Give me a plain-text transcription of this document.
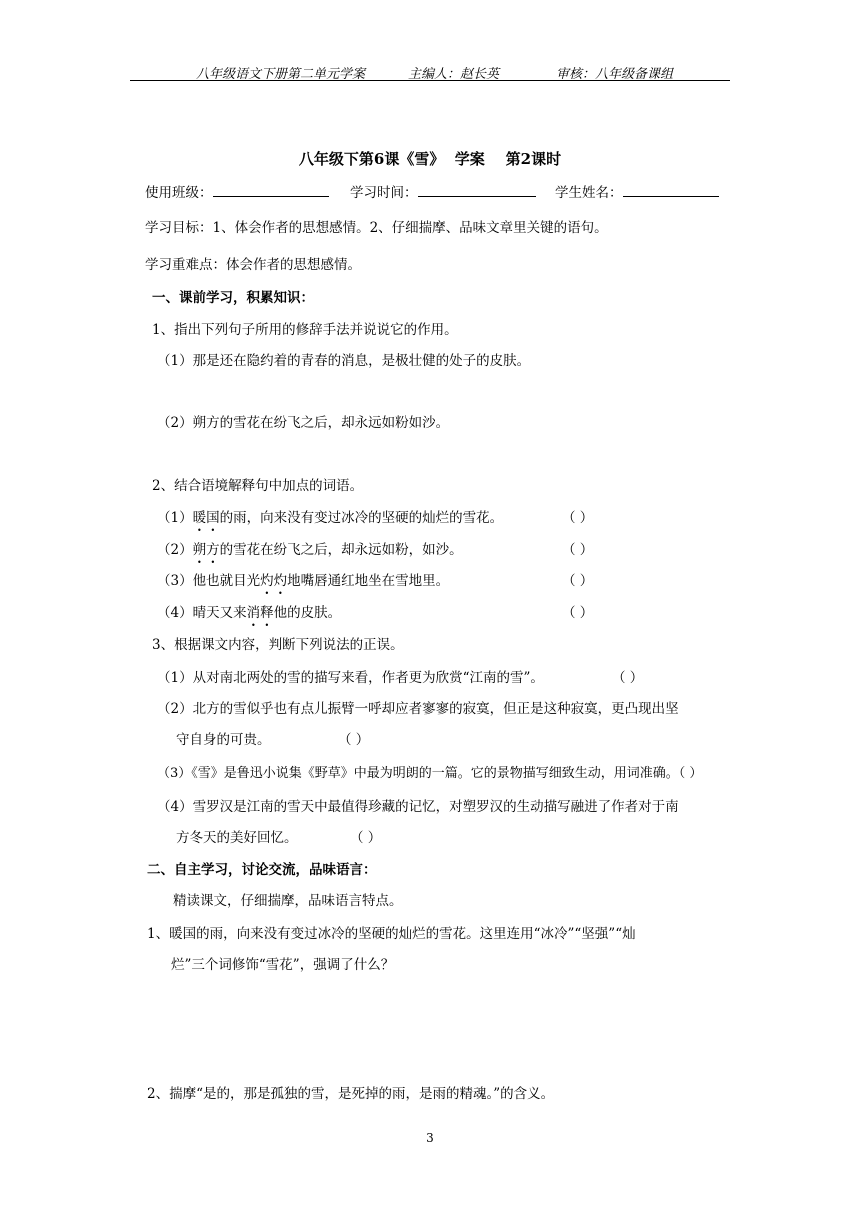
八年级语文下册第二单元学案	主编人：赵长英	审核：八年级备课组
八年级下第6课《雪》  学案    第2课时
使用班级：	学习时间：	学生姓名：
学习目标：1、体会作者的思想感情。2、仔细揣摩、品味文章里关键的语句。
学习重难点：体会作者的思想感情。
一、课前学习，积累知识：
1、指出下列句子所用的修辞手法并说说它的作用。
（1）那是还在隐约着的青春的消息，是极壮健的处子的皮肤。
（2）朔方的雪花在纷飞之后，却永远如粉如沙。
2、结合语境解释句中加点的词语。
（1）暖国的雨，向来没有变过冰冷的坚硬的灿烂的雪花。	（ ）
（2）朔方的雪花在纷飞之后，却永远如粉，如沙。	（ ）
（3）他也就目光灼灼地嘴唇通红地坐在雪地里。	（ ）
（4）晴天又来消释他的皮肤。	（ ）
3、根据课文内容，判断下列说法的正误。
（1）从对南北两处的雪的描写来看，作者更为欣赏“江南的雪”。	（ ）
（2）北方的雪似乎也有点儿振臂一呼却应者寥寥的寂寞，但正是这种寂寞，更凸现出坚
守自身的可贵。	（ ）
（3）《雪》是鲁迅小说集《野草》中最为明朗的一篇。它的景物描写细致生动，用词准确。（ ）
（4）雪罗汉是江南的雪天中最值得珍藏的记忆，对塑罗汉的生动描写融进了作者对于南
方冬天的美好回忆。	（ ）
二、自主学习，讨论交流，品味语言：
精读课文，仔细揣摩，品味语言特点。
1、暖国的雨，向来没有变过冰冷的坚硬的灿烂的雪花。这里连用“冰冷”“坚强”“灿
烂”三个词修饰“雪花”，强调了什么？
2、揣摩“是的，那是孤独的雪，是死掉的雨，是雨的精魂。”的含义。
3
